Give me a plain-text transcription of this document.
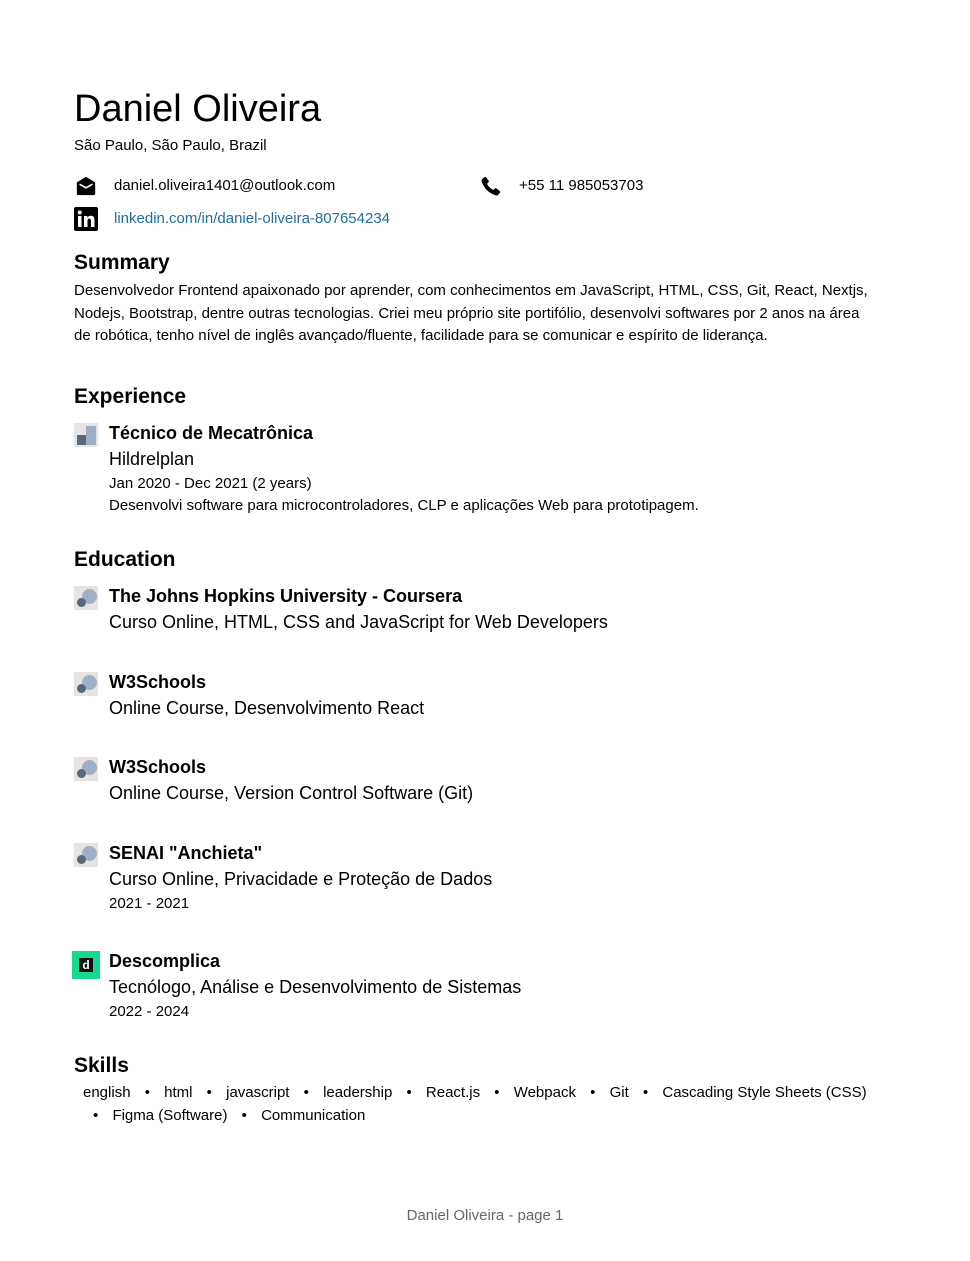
Daniel Oliveira
São Paulo, São Paulo, Brazil
daniel.oliveira1401@outlook.com	+55 11 985053703
linkedin.com/in/daniel-oliveira-807654234
Summary
Desenvolvedor Frontend apaixonado por aprender, com conhecimentos em JavaScript, HTML, CSS, Git, React, Nextjs, Nodejs, Bootstrap, dentre outras tecnologias. Criei meu próprio site portifólio, desenvolvi softwares por 2 anos na área de robótica, tenho nível de inglês avançado/fluente, facilidade para se comunicar e espírito de liderança.
Experience
Técnico de Mecatrônica
Hildrelplan
Jan 2020 - Dec 2021 (2 years)
Desenvolvi software para microcontroladores, CLP e aplicações Web para prototipagem.
Education
The Johns Hopkins University - Coursera
Curso Online, HTML, CSS and JavaScript for Web Developers
W3Schools
Online Course, Desenvolvimento React
W3Schools
Online Course, Version Control Software (Git)
SENAI "Anchieta"
Curso Online, Privacidade e Proteção de Dados
2021 - 2021
d Descomplica
Tecnólogo, Análise e Desenvolvimento de Sistemas
2022 - 2024
Skills
english • html • javascript • leadership • React.js • Webpack • Git • Cascading Style Sheets (CSS) • Figma (Software) • Communication
Daniel Oliveira - page 1
